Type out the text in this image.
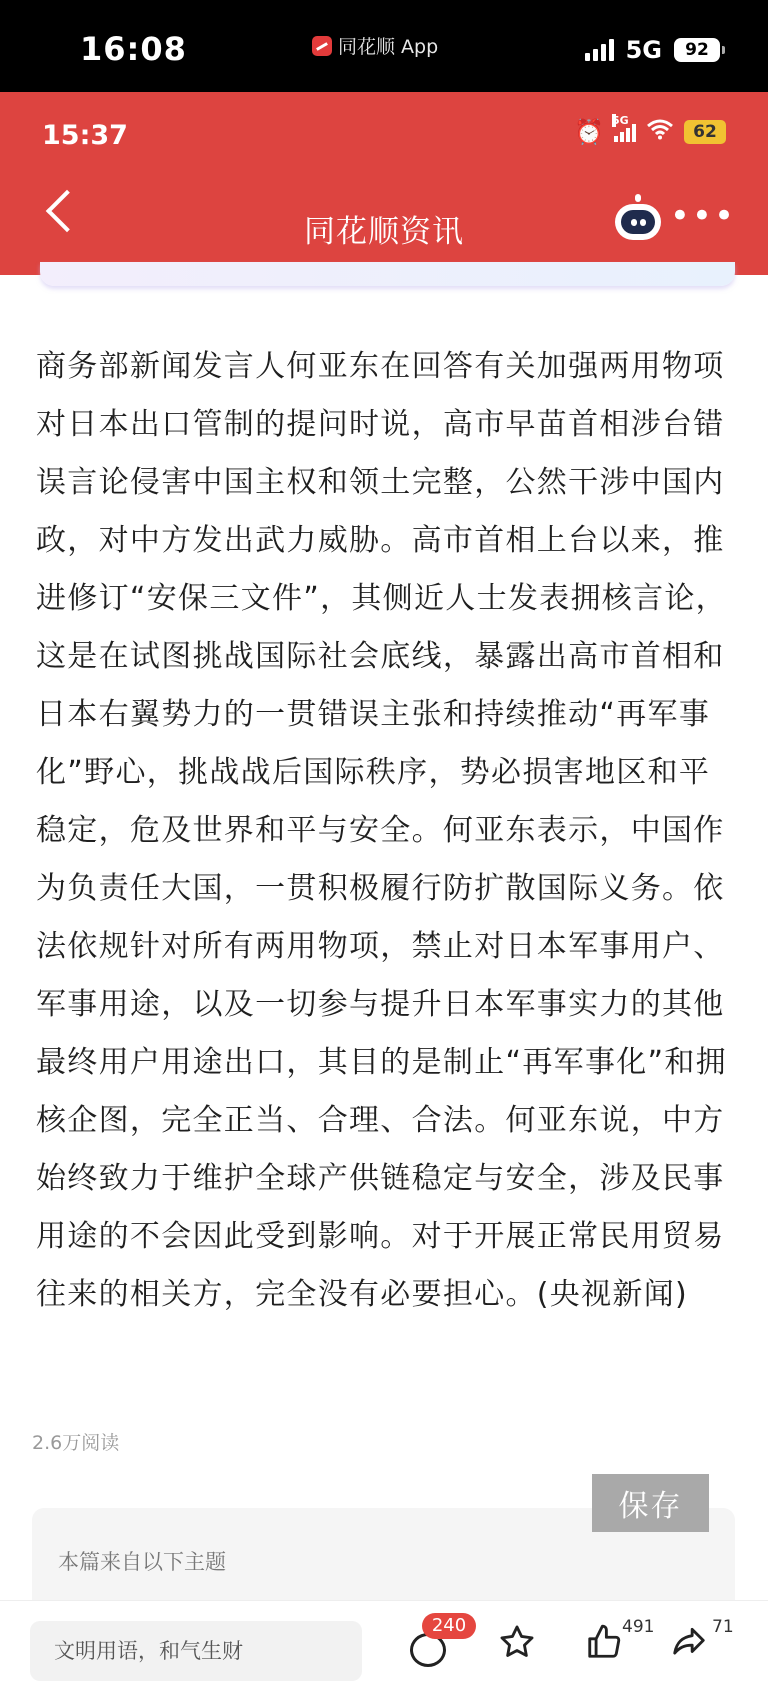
16:08	同花顺 App	5G	92
15:37	⏰ 5G
62
同花顺资讯	•••
商务部新闻发言人何亚东在回答有关加强两用物项对日本出口管制的提问时说，高市早苗首相涉台错误言论侵害中国主权和领土完整，公然干涉中国内政，对中方发出武力威胁。高市首相上台以来，推进修订“安保三文件”，其侧近人士发表拥核言论，这是在试图挑战国际社会底线，暴露出高市首相和日本右翼势力的一贯错误主张和持续推动“再军事化”野心，挑战战后国际秩序，势必损害地区和平稳定，危及世界和平与安全。何亚东表示，中国作为负责任大国，一贯积极履行防扩散国际义务。依法依规针对所有两用物项，禁止对日本军事用户、军事用途，以及一切参与提升日本军事实力的其他最终用户用途出口，其目的是制止“再军事化”和拥核企图，完全正当、合理、合法。何亚东说，中方始终致力于维护全球产供链稳定与安全，涉及民事用途的不会因此受到影响。对于开展正常民用贸易往来的相关方，完全没有必要担心。(央视新闻)
2.6万阅读
本篇来自以下主题
保存
文明用语，和气生财
240	491	71
